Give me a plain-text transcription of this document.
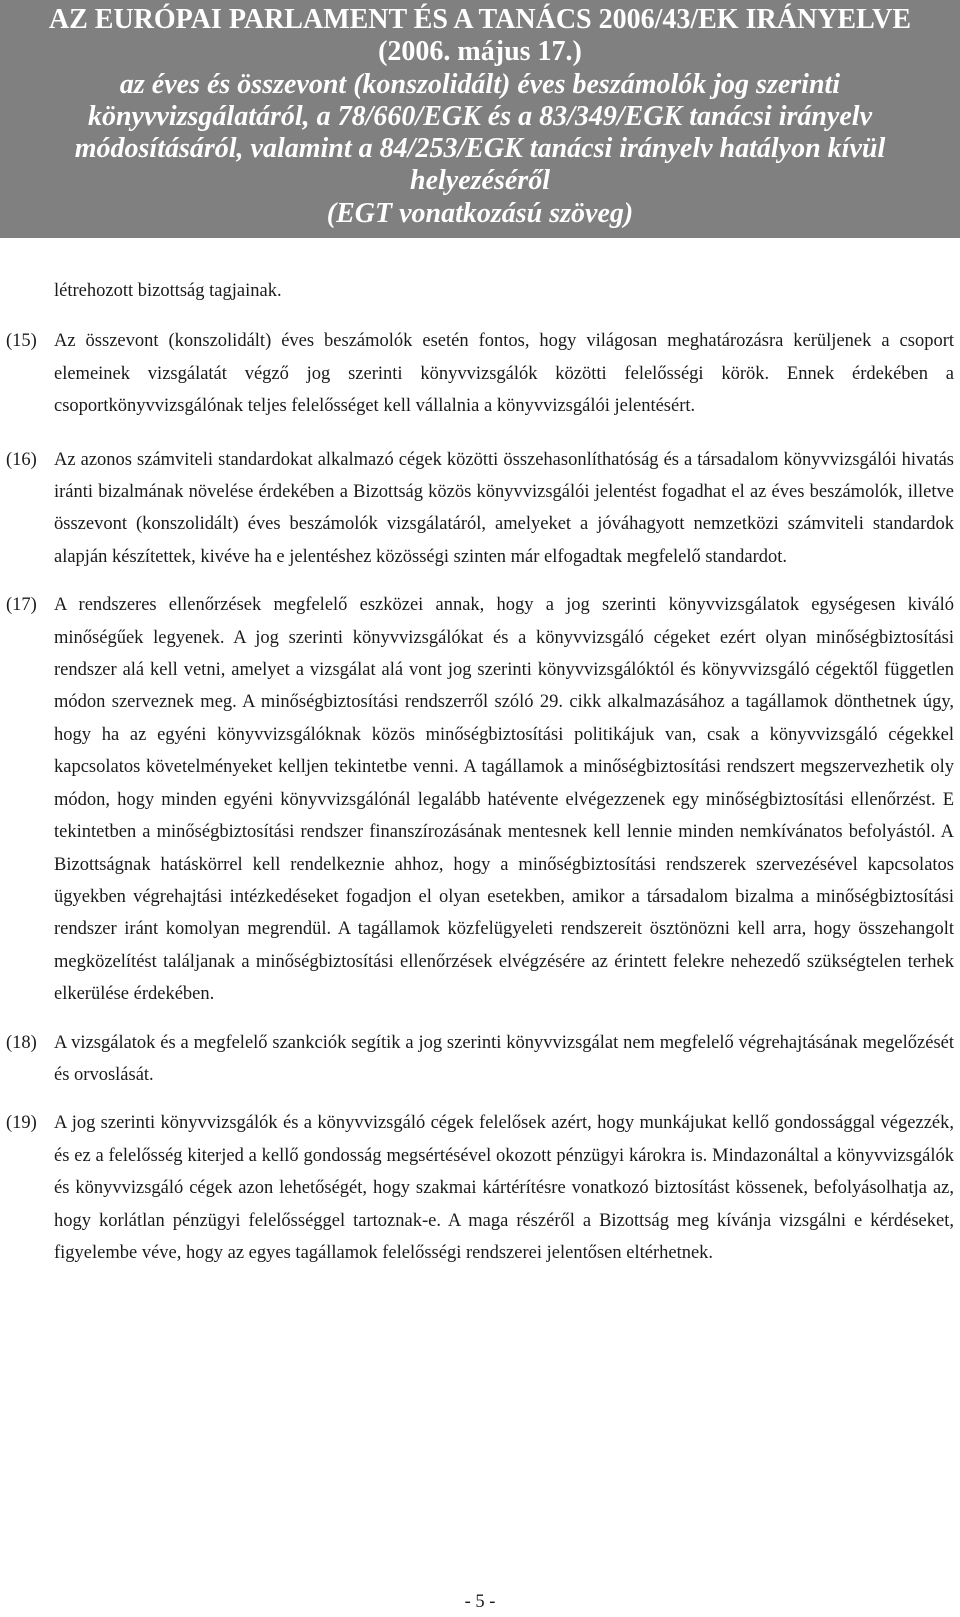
AZ EURÓPAI PARLAMENT ÉS A TANÁCS 2006/43/EK IRÁNYELVE
(2006. május 17.)
az éves és összevont (konszolidált) éves beszámolók jog szerinti
könyvvizsgálatáról, a 78/660/EGK és a 83/349/EGK tanácsi irányelv
módosításáról, valamint a 84/253/EGK tanácsi irányelv hatályon kívül
helyezéséről
(EGT vonatkozású szöveg)

létrehozott bizottság tagjainak.

(15) Az összevont (konszolidált) éves beszámolók esetén fontos, hogy világosan meghatározásra kerüljenek a csoport elemeinek vizsgálatát végző jog szerinti könyvvizsgálók közötti felelősségi körök. Ennek érdekében a csoportkönyvvizsgálónak teljes felelősséget kell vállalnia a könyvvizsgálói jelentésért.
(16) Az azonos számviteli standardokat alkalmazó cégek közötti összehasonlíthatóság és a társadalom könyvvizsgálói hivatás iránti bizalmának növelése érdekében a Bizottság közös könyvvizsgálói jelentést fogadhat el az éves beszámolók, illetve összevont (konszolidált) éves beszámolók vizsgálatáról, amelyeket a jóváhagyott nemzetközi számviteli standardok alapján készítettek, kivéve ha e jelentéshez közösségi szinten már elfogadtak megfelelő standardot.
(17) A rendszeres ellenőrzések megfelelő eszközei annak, hogy a jog szerinti könyvvizsgálatok egységesen kiváló minőségűek legyenek. A jog szerinti könyvvizsgálókat és a könyvvizsgáló cégeket ezért olyan minőségbiztosítási rendszer alá kell vetni, amelyet a vizsgálat alá vont jog szerinti könyvvizsgálóktól és könyvvizsgáló cégektől független módon szerveznek meg. A minőségbiztosítási rendszerről szóló 29. cikk alkalmazásához a tagállamok dönthetnek úgy, hogy ha az egyéni könyvvizsgálóknak közös minőségbiztosítási politikájuk van, csak a könyvvizsgáló cégekkel kapcsolatos követelményeket kelljen tekintetbe venni. A tagállamok a minőségbiztosítási rendszert megszervezhetik oly módon, hogy minden egyéni könyvvizsgálónál legalább hatévente elvégezzenek egy minőségbiztosítási ellenőrzést. E tekintetben a minőségbiztosítási rendszer finanszírozásának mentesnek kell lennie minden nemkívánatos befolyástól. A Bizottságnak hatáskörrel kell rendelkeznie ahhoz, hogy a minőségbiztosítási rendszerek szervezésével kapcsolatos ügyekben végrehajtási intézkedéseket fogadjon el olyan esetekben, amikor a társadalom bizalma a minőségbiztosítási rendszer iránt komolyan megrendül. A tagállamok közfelügyeleti rendszereit ösztönözni kell arra, hogy összehangolt megközelítést találjanak a minőségbiztosítási ellenőrzések elvégzésére az érintett felekre nehezedő szükségtelen terhek elkerülése érdekében.
(18) A vizsgálatok és a megfelelő szankciók segítik a jog szerinti könyvvizsgálat nem megfelelő végrehajtásának megelőzését és orvoslását.
(19) A jog szerinti könyvvizsgálók és a könyvvizsgáló cégek felelősek azért, hogy munkájukat kellő gondossággal végezzék, és ez a felelősség kiterjed a kellő gondosság megsértésével okozott pénzügyi károkra is. Mindazonáltal a könyvvizsgálók és könyvvizsgáló cégek azon lehetőségét, hogy szakmai kártérítésre vonatkozó biztosítást kössenek, befolyásolhatja az, hogy korlátlan pénzügyi felelősséggel tartoznak-e. A maga részéről a Bizottság meg kívánja vizsgálni e kérdéseket, figyelembe véve, hogy az egyes tagállamok felelősségi rendszerei jelentősen eltérhetnek.
- 5 -
